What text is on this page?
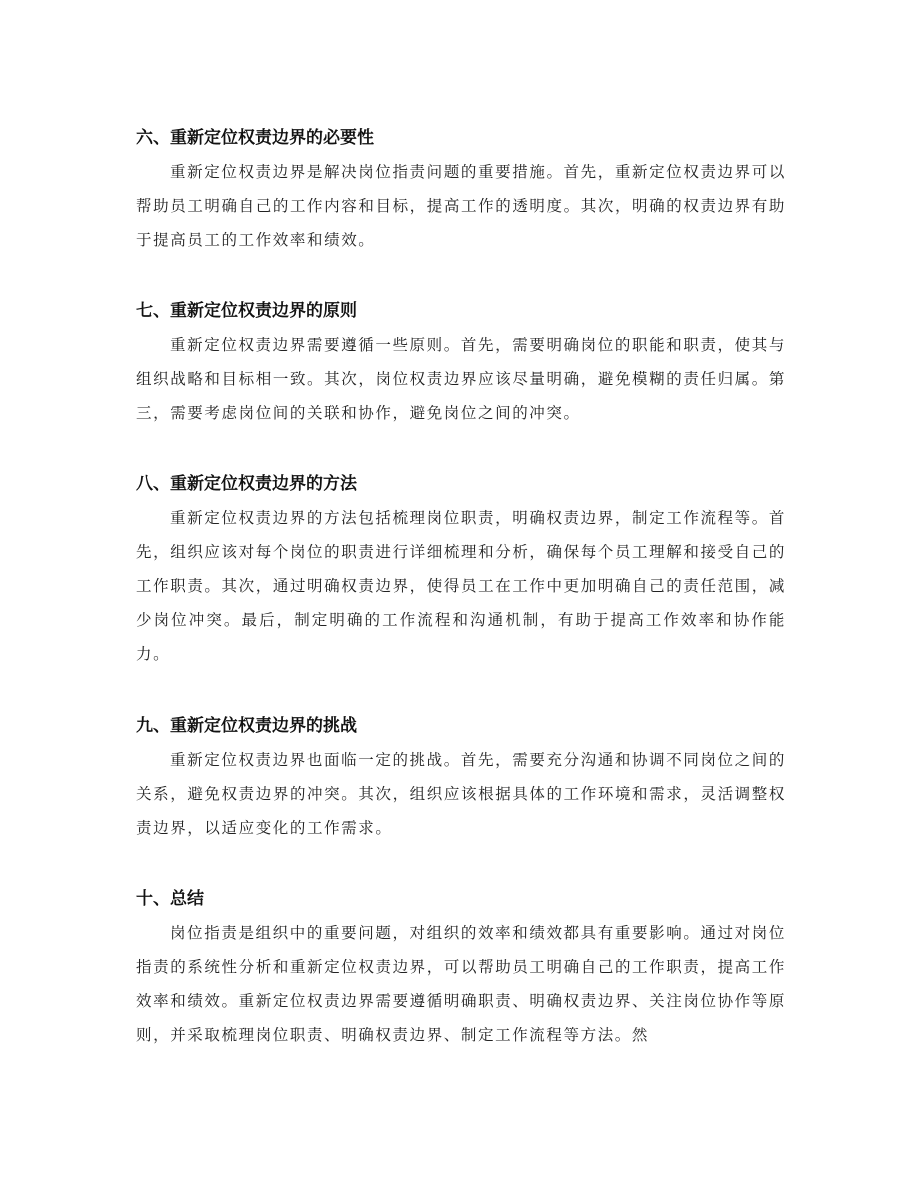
六、重新定位权责边界的必要性

重新定位权责边界是解决岗位指责问题的重要措施。首先，重新定位权责边界可以帮助员工明确自己的工作内容和目标，提高工作的透明度。其次，明确的权责边界有助于提高员工的工作效率和绩效。

七、重新定位权责边界的原则

重新定位权责边界需要遵循一些原则。首先，需要明确岗位的职能和职责，使其与组织战略和目标相一致。其次，岗位权责边界应该尽量明确，避免模糊的责任归属。第三，需要考虑岗位间的关联和协作，避免岗位之间的冲突。

八、重新定位权责边界的方法

重新定位权责边界的方法包括梳理岗位职责，明确权责边界，制定工作流程等。首先，组织应该对每个岗位的职责进行详细梳理和分析，确保每个员工理解和接受自己的工作职责。其次，通过明确权责边界，使得员工在工作中更加明确自己的责任范围，减少岗位冲突。最后，制定明确的工作流程和沟通机制，有助于提高工作效率和协作能力。

九、重新定位权责边界的挑战

重新定位权责边界也面临一定的挑战。首先，需要充分沟通和协调不同岗位之间的关系，避免权责边界的冲突。其次，组织应该根据具体的工作环境和需求，灵活调整权责边界，以适应变化的工作需求。

十、总结

岗位指责是组织中的重要问题，对组织的效率和绩效都具有重要影响。通过对岗位指责的系统性分析和重新定位权责边界，可以帮助员工明确自己的工作职责，提高工作效率和绩效。重新定位权责边界需要遵循明确职责、明确权责边界、关注岗位协作等原则，并采取梳理岗位职责、明确权责边界、制定工作流程等方法。然
